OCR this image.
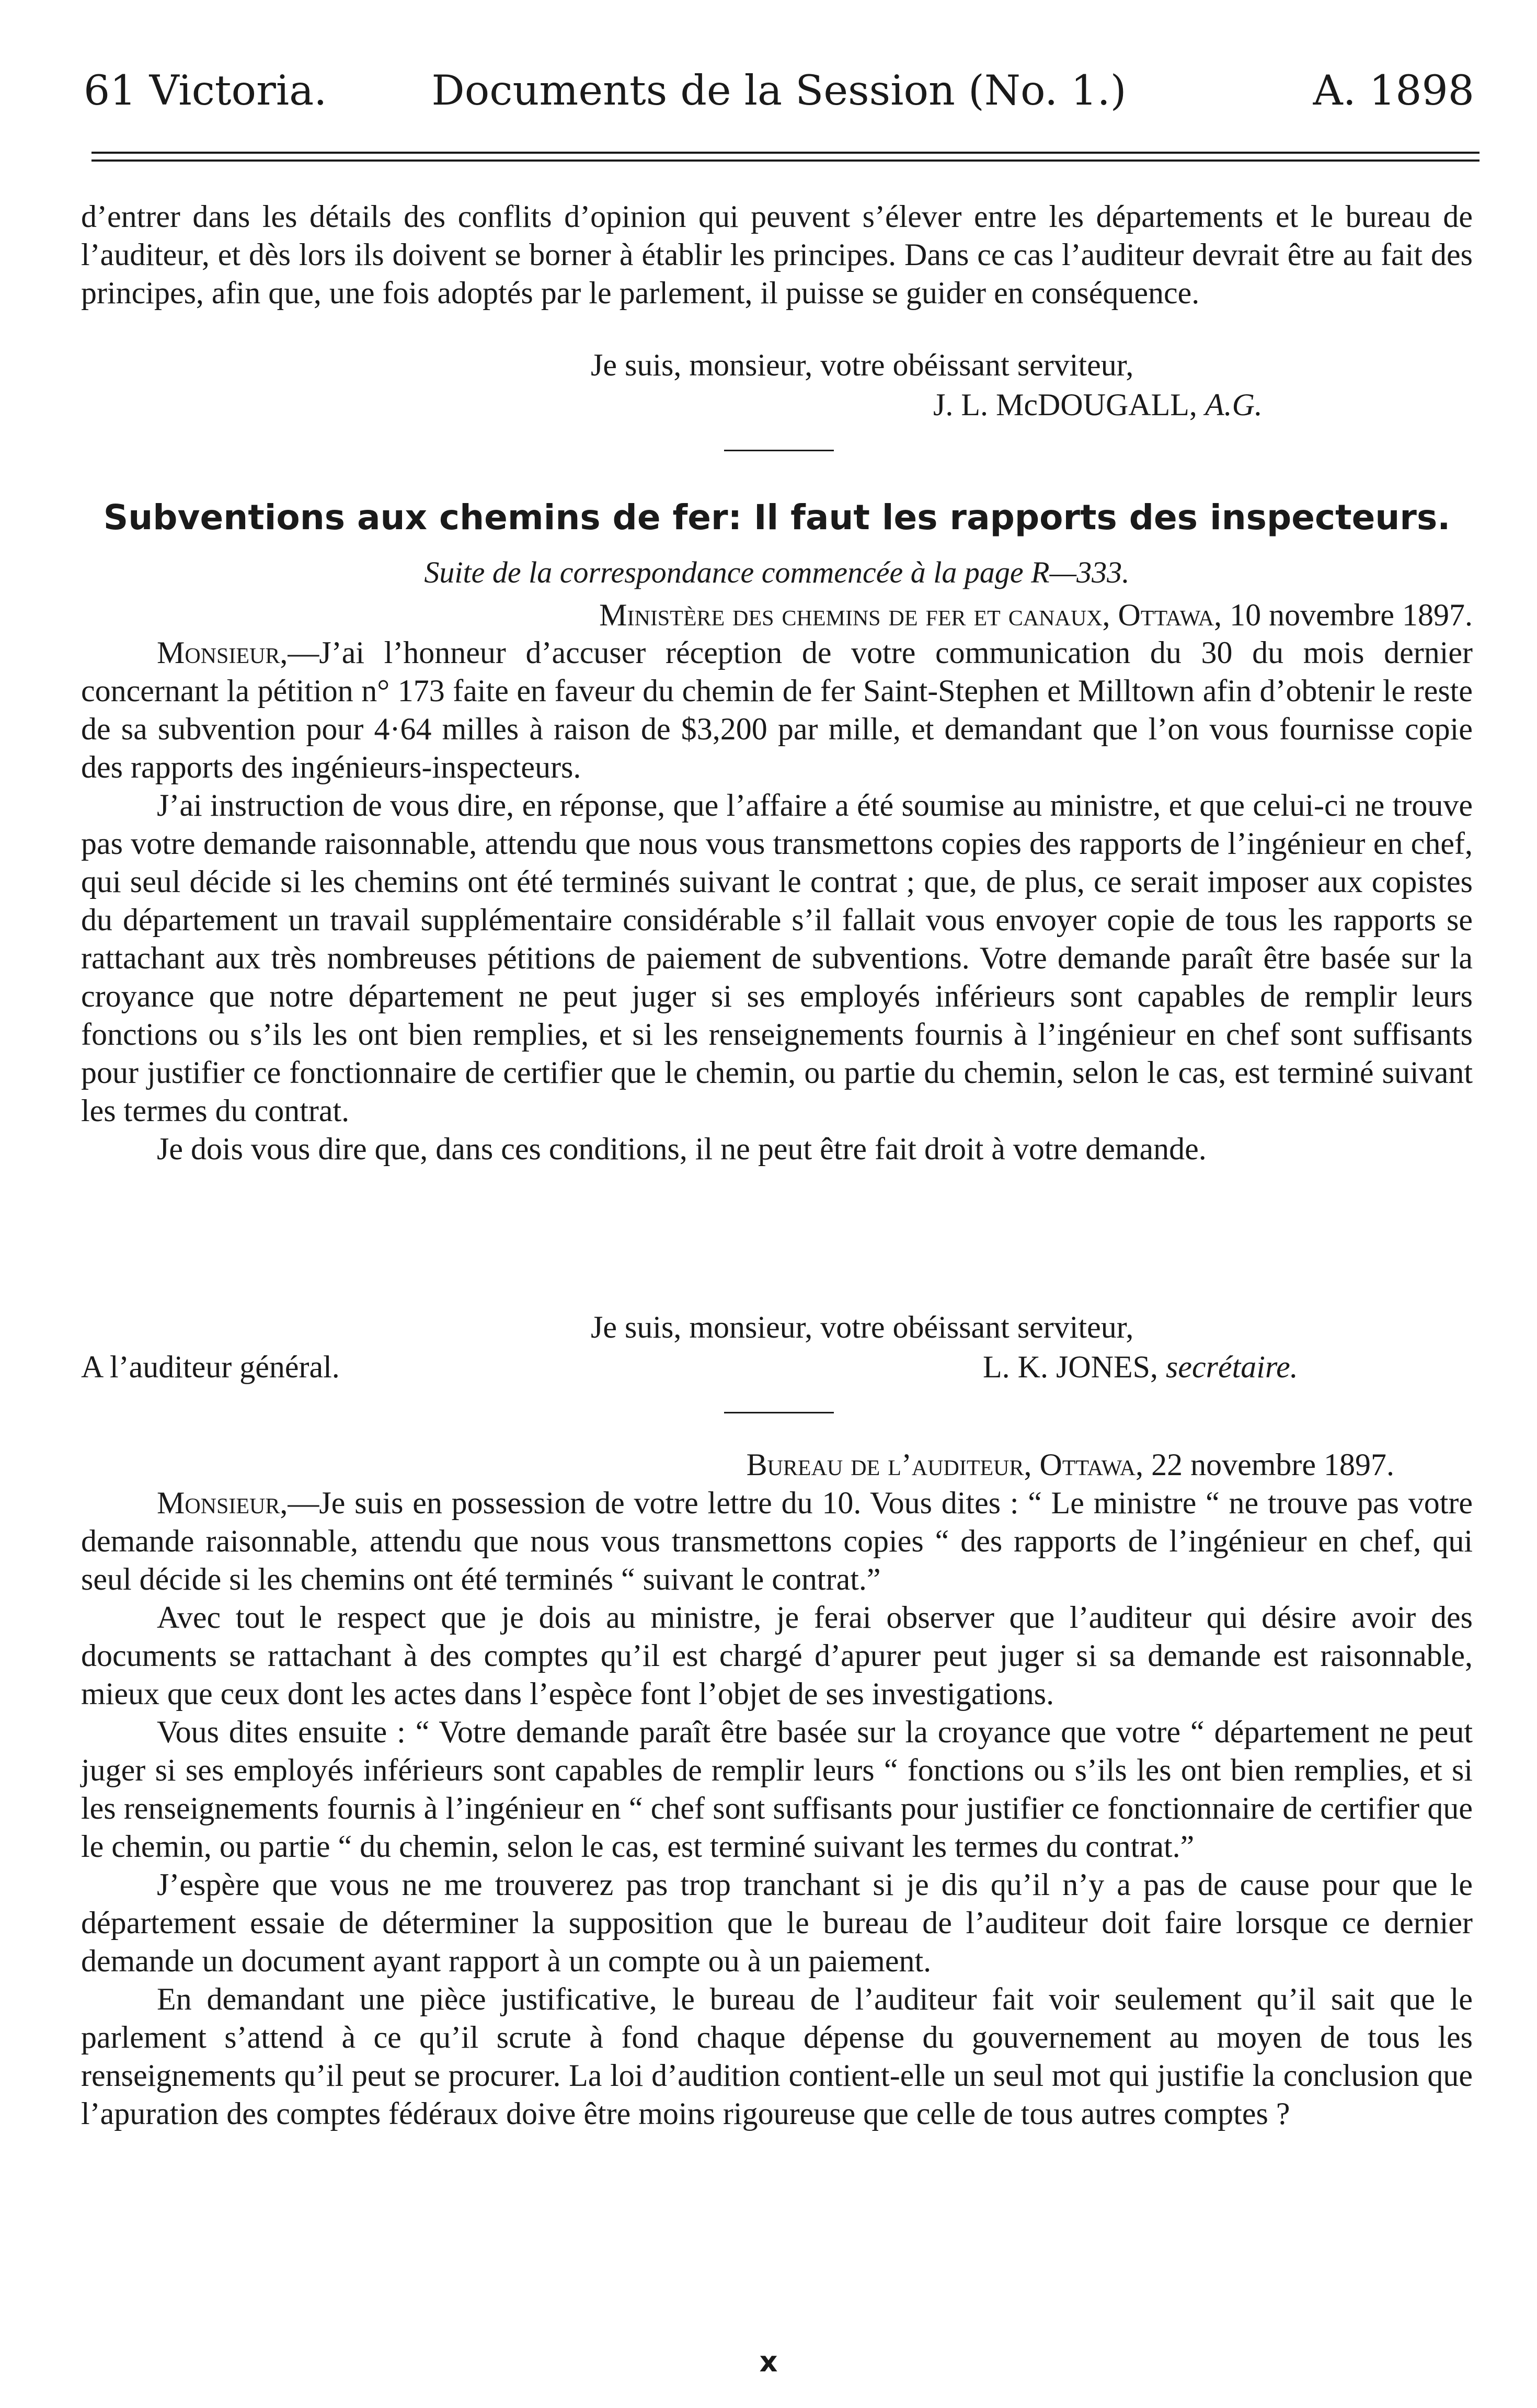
61 Victoria.	Documents de la Session (No. 1.)	A. 1898

d’entrer dans les détails des conflits d’opinion qui peuvent s’élever entre les départements et le bureau de l’auditeur, et dès lors ils doivent se borner à établir les principes. Dans ce cas l’auditeur devrait être au fait des principes, afin que, une fois adoptés par le parlement, il puisse se guider en conséquence.

Je suis, monsieur, votre obéissant serviteur,
J. L. McDOUGALL, A.G.
Subventions aux chemins de fer: Il faut les rapports des inspecteurs.
Suite de la correspondance commencée à la page R—333.
Ministère des chemins de fer et canaux, Ottawa, 10 novembre 1897.

Monsieur,—J’ai l’honneur d’accuser réception de votre communication du 30 du mois dernier concernant la pétition n° 173 faite en faveur du chemin de fer Saint-Stephen et Milltown afin d’obtenir le reste de sa subvention pour 4·64 milles à raison de $3,200 par mille, et demandant que l’on vous fournisse copie des rapports des ingénieurs-inspecteurs.

J’ai instruction de vous dire, en réponse, que l’affaire a été soumise au ministre, et que celui-ci ne trouve pas votre demande raisonnable, attendu que nous vous transmettons copies des rapports de l’ingénieur en chef, qui seul décide si les chemins ont été terminés suivant le contrat ; que, de plus, ce serait imposer aux copistes du département un travail supplémentaire considérable s’il fallait vous envoyer copie de tous les rapports se rattachant aux très nombreuses pétitions de paiement de subventions. Votre demande paraît être basée sur la croyance que notre département ne peut juger si ses employés inférieurs sont capables de remplir leurs fonctions ou s’ils les ont bien remplies, et si les renseignements fournis à l’ingénieur en chef sont suffisants pour justifier ce fonctionnaire de certifier que le chemin, ou partie du chemin, selon le cas, est terminé suivant les termes du contrat.

Je dois vous dire que, dans ces conditions, il ne peut être fait droit à votre demande.

Je suis, monsieur, votre obéissant serviteur,
A l’auditeur général.	L. K. JONES, secrétaire.
Bureau de l’auditeur, Ottawa, 22 novembre 1897.

Monsieur,—Je suis en possession de votre lettre du 10. Vous dites : “ Le ministre “ ne trouve pas votre demande raisonnable, attendu que nous vous transmettons copies “ des rapports de l’ingénieur en chef, qui seul décide si les chemins ont été terminés “ suivant le contrat.”

Avec tout le respect que je dois au ministre, je ferai observer que l’auditeur qui désire avoir des documents se rattachant à des comptes qu’il est chargé d’apurer peut juger si sa demande est raisonnable, mieux que ceux dont les actes dans l’espèce font l’objet de ses investigations.

Vous dites ensuite : “ Votre demande paraît être basée sur la croyance que votre “ département ne peut juger si ses employés inférieurs sont capables de remplir leurs “ fonctions ou s’ils les ont bien remplies, et si les renseignements fournis à l’ingénieur en “ chef sont suffisants pour justifier ce fonctionnaire de certifier que le chemin, ou partie “ du chemin, selon le cas, est terminé suivant les termes du contrat.”

J’espère que vous ne me trouverez pas trop tranchant si je dis qu’il n’y a pas de cause pour que le département essaie de déterminer la supposition que le bureau de l’auditeur doit faire lorsque ce dernier demande un document ayant rapport à un compte ou à un paiement.

En demandant une pièce justificative, le bureau de l’auditeur fait voir seulement qu’il sait que le parlement s’attend à ce qu’il scrute à fond chaque dépense du gouvernement au moyen de tous les renseignements qu’il peut se procurer. La loi d’audition contient-elle un seul mot qui justifie la conclusion que l’apuration des comptes fédéraux doive être moins rigoureuse que celle de tous autres comptes ?

x
